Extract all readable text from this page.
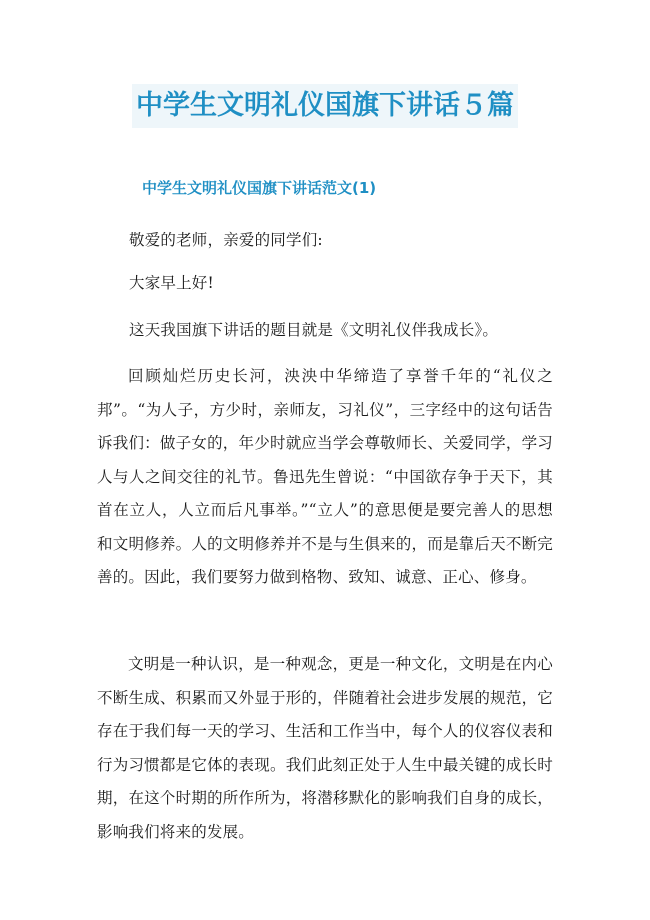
中学生文明礼仪国旗下讲话５篇
中学生文明礼仪国旗下讲话范文(1)

敬爱的老师，亲爱的同学们:

大家早上好!

这天我国旗下讲话的题目就是《文明礼仪伴我成长》。

回顾灿烂历史长河，泱泱中华缔造了享誉千年的“礼仪之邦”。“为人子，方少时，亲师友，习礼仪”，三字经中的这句话告诉我们：做子女的，年少时就应当学会尊敬师长、关爱同学，学习人与人之间交往的礼节。鲁迅先生曾说：“中国欲存争于天下，其首在立人，人立而后凡事举。”“立人”的意思便是要完善人的思想和文明修养。人的文明修养并不是与生俱来的，而是靠后天不断完善的。因此，我们要努力做到格物、致知、诚意、正心、修身。

文明是一种认识，是一种观念，更是一种文化，文明是在内心不断生成、积累而又外显于形的，伴随着社会进步发展的规范，它存在于我们每一天的学习、生活和工作当中，每个人的仪容仪表和行为习惯都是它体的表现。我们此刻正处于人生中最关键的成长时期，在这个时期的所作所为，将潜移默化的影响我们自身的成长，影响我们将来的发展。
